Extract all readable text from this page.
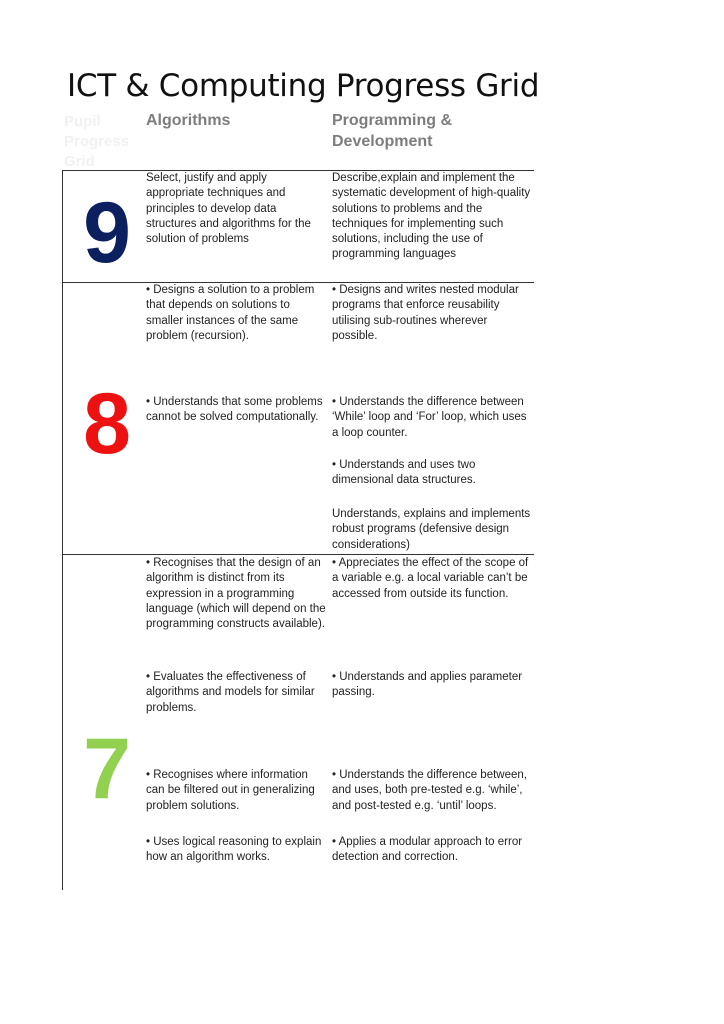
ICT & Computing Progress Grid
Pupil Progress Grid
Algorithms	Programming & Development
9
Select, justify and apply appropriate techniques and principles to develop data structures and algorithms for the solution of problems
Describe,explain and implement the systematic development of high-quality solutions to problems and the techniques for implementing such solutions, including the use of programming languages
8
• Designs a solution to a problem that depends on solutions to smaller instances of the same problem (recursion).
• Understands that some problems cannot be solved computationally.
• Designs and writes nested modular programs that enforce reusability utilising sub-routines wherever possible.
• Understands the difference between ‘While’ loop and ‘For’ loop, which uses a loop counter.
• Understands and uses two dimensional data structures.
Understands, explains and implements robust programs (defensive design considerations)
7
• Recognises that the design of an algorithm is distinct from its expression in a programming language (which will depend on the programming constructs available).
• Evaluates the effectiveness of algorithms and models for similar problems.
• Recognises where information can be filtered out in generalizing problem solutions.
• Uses logical reasoning to explain how an algorithm works.
• Appreciates the effect of the scope of a variable e.g. a local variable can’t be accessed from outside its function.
• Understands and applies parameter passing.
• Understands the difference between, and uses, both pre-tested e.g. ‘while’, and post-tested e.g. ‘until’ loops.
• Applies a modular approach to error detection and correction.
